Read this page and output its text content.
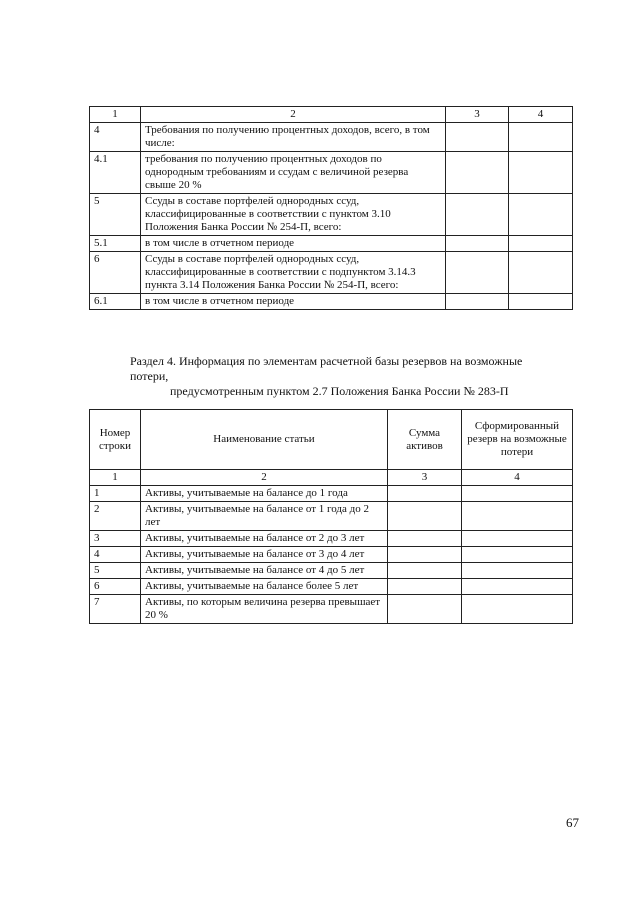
1	2	3	4
4	Требования по получению процентных доходов, всего, в том числе:		
4.1	требования по получению процентных доходов по однородным требованиям и ссудам с величиной резерва свыше 20 %		
5	Ссуды в составе портфелей однородных ссуд, классифицированные в соответствии с пунктом 3.10 Положения Банка России № 254-П, всего:		
5.1	в том числе в отчетном периоде		
6	Ссуды в составе портфелей однородных ссуд, классифицированные в соответствии с подпунктом 3.14.3 пункта 3.14 Положения Банка России № 254-П, всего:		
6.1	в том числе в отчетном периоде		
Раздел 4. Информация по элементам расчетной базы резервов на возможные потери,
предусмотренным пунктом 2.7 Положения Банка России № 283-П
Номер строки	Наименование статьи	Сумма активов	Сформированный резерв на возможные потери
1	2	3	4
1	Активы, учитываемые на балансе до 1 года		
2	Активы, учитываемые на балансе от 1 года до 2 лет		
3	Активы, учитываемые на балансе от 2 до 3 лет		
4	Активы, учитываемые на балансе от 3 до 4 лет		
5	Активы, учитываемые на балансе от 4 до 5 лет		
6	Активы, учитываемые на балансе более 5 лет		
7	Активы, по которым величина резерва превышает 20 %		
67
